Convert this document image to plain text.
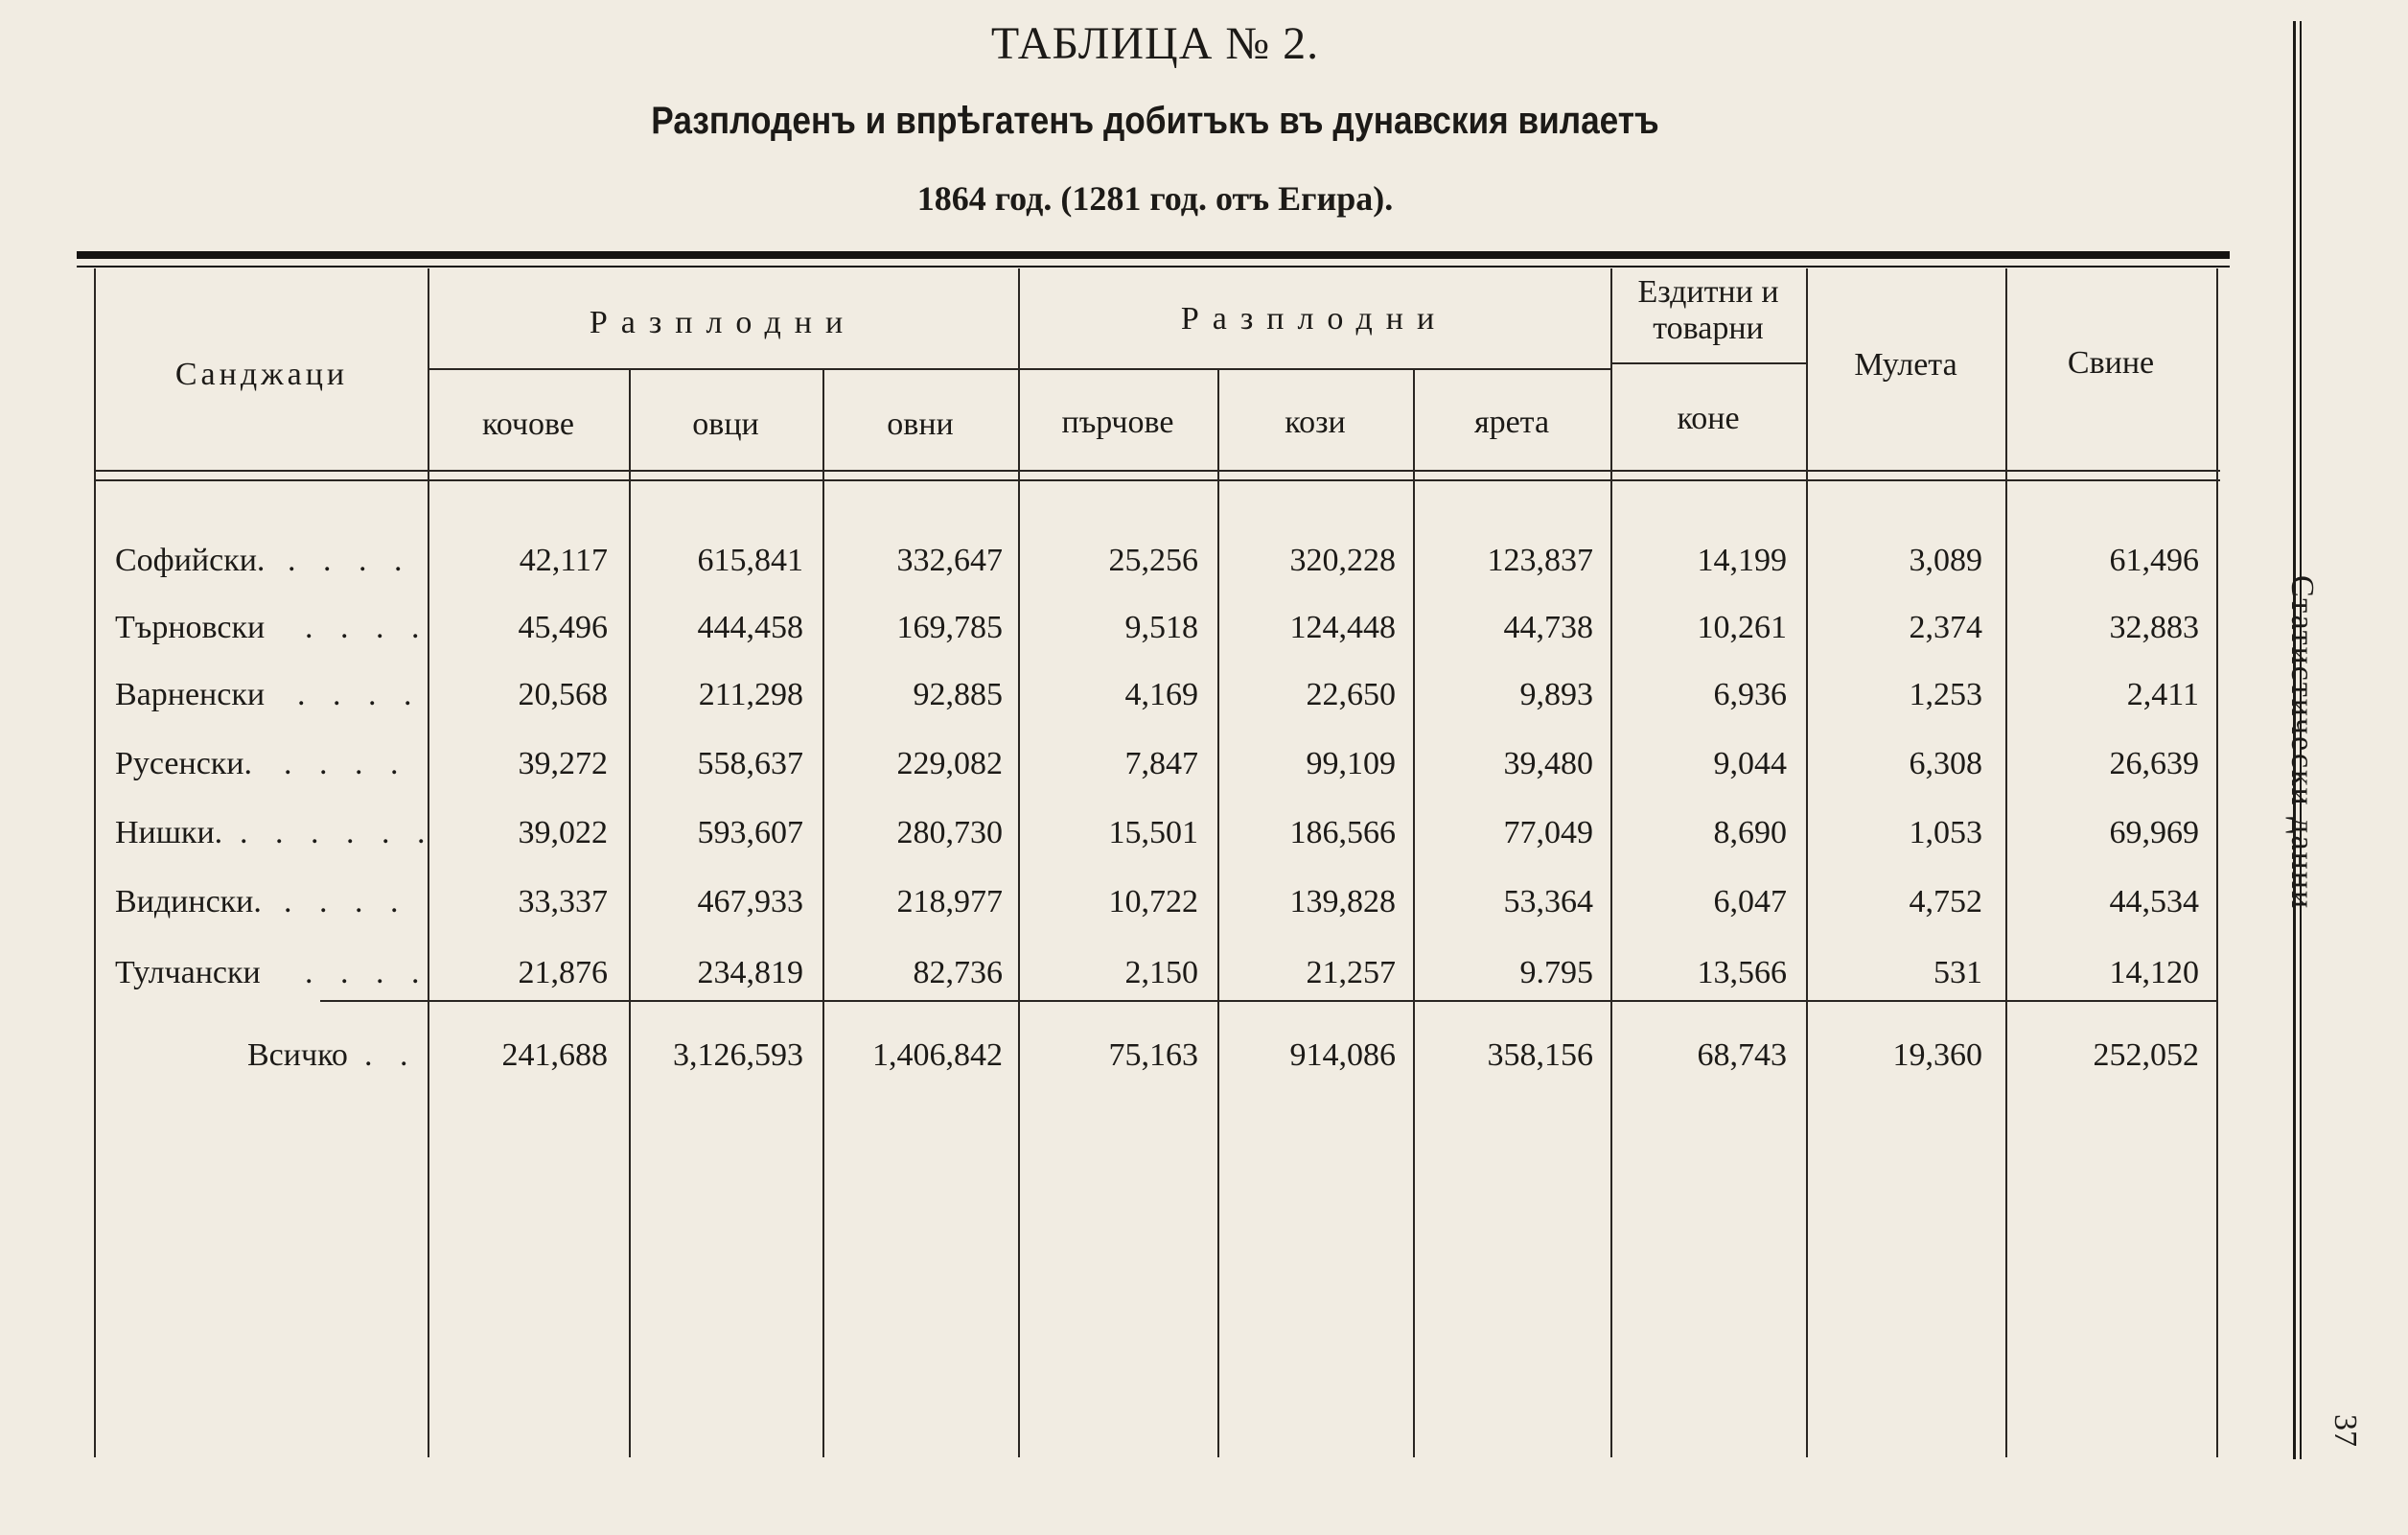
ТАБЛИЦА № 2.
Разплоденъ и впрѣгатенъ добитъкъ въ дунавския вилаетъ
1864 год. (1281 год. отъ Егира).
Санджаци
Разплодни	Разплодни
Ездитни и товарни
Мулета	Свине
кочове	овци	овни	пърчове	кози	ярета	коне
Софийски. . . . .	42,117	615,841	332,647	25,256	320,228	123,837	14,199	3,089	61,496
Търновски . . . .	45,496	444,458	169,785	9,518	124,448	44,738	10,261	2,374	32,883
Варненски . . . .	20,568	211,298	92,885	4,169	22,650	9,893	6,936	1,253	2,411
Русенски. . . . .	39,272	558,637	229,082	7,847	99,109	39,480	9,044	6,308	26,639
Нишки. . . . . . .	39,022	593,607	280,730	15,501	186,566	77,049	8,690	1,053	69,969
Видински. . . . .	33,337	467,933	218,977	10,722	139,828	53,364	6,047	4,752	44,534
Тулчански . . . .	21,876	234,819	82,736	2,150	21,257	9.795	13,566	531	14,120
Всичко . .	241,688 3,126,593 1,406,842	75,163	914,086	358,156	68,743	19,360	252,052
Статистически данни
37
